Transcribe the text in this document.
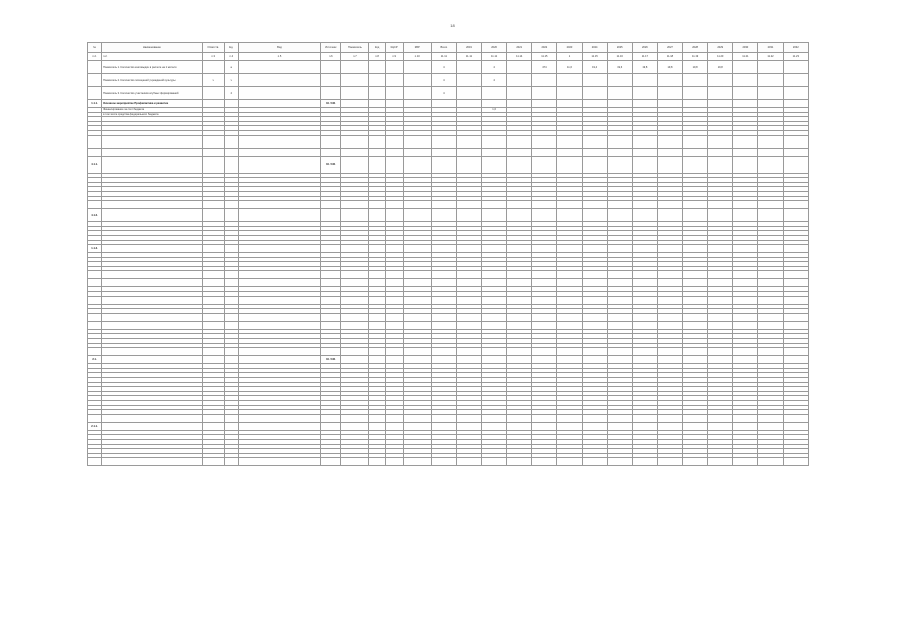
18
№	Наименование	Ответств.	Ед.	Вид	Источник	Показатель	Код	КЦСР	КВР	Всего	2019	2020	2021	2022	2023	2024	2025	2026	2027	2028	2029	2030	2031	2032
п.2.	п.2.	п.3	п.4	п.5	п.6	п.7	п.8	п.9	п.10	11.11	11.11	11.11	11.14	11.15	1	11.15	11.16	11.17	11.18	11.19	11.20	11.21	11.22	11.23
	Показатель 1. Количество книговыдач в расчете на 1 жителя		а							4		4		474	11,6	19,4	19,6	19,8	19,8	19,8	19,8			
	Показатель 2. Количество посещений учреждений культуры	ч	ч							4		4												
	Показатель 3. Количество участников клубных формирований		4							4														
1.1.1.	Основное мероприятие Профилактика и развитие				10 / 101																			
	Финансирование за счет бюджета											1,6												
	в том числе средства федерального бюджета																							

4.1.1.					10 / 101																			

4.1.2.																								

1.1.3.																								

2.1.					10 / 101																			

2.1.1.																								
